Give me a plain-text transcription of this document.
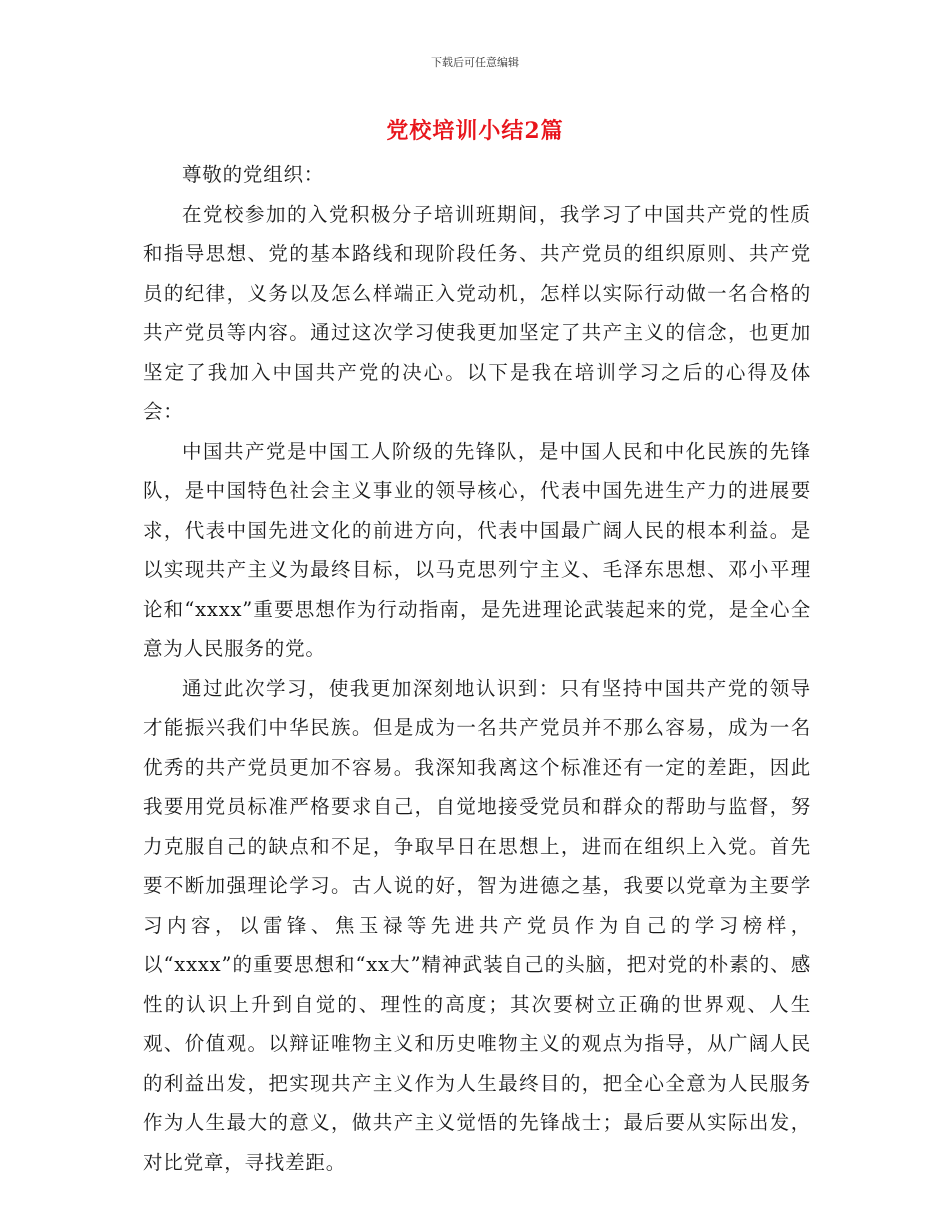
下载后可任意编辑
党校培训小结2篇

尊敬的党组织：

在党校参加的入党积极分子培训班期间，我学习了中国共产党的性质和指导思想、党的基本路线和现阶段任务、共产党员的组织原则、共产党员的纪律，义务以及怎么样端正入党动机，怎样以实际行动做一名合格的共产党员等内容。通过这次学习使我更加坚定了共产主义的信念，也更加坚定了我加入中国共产党的决心。以下是我在培训学习之后的心得及体会：

中国共产党是中国工人阶级的先锋队，是中国人民和中化民族的先锋队，是中国特色社会主义事业的领导核心，代表中国先进生产力的进展要求，代表中国先进文化的前进方向，代表中国最广阔人民的根本利益。是以实现共产主义为最终目标，以马克思列宁主义、毛泽东思想、邓小平理论和“xxxx”重要思想作为行动指南，是先进理论武装起来的党，是全心全意为人民服务的党。

通过此次学习，使我更加深刻地认识到：只有坚持中国共产党的领导才能振兴我们中华民族。但是成为一名共产党员并不那么容易，成为一名优秀的共产党员更加不容易。我深知我离这个标准还有一定的差距，因此我要用党员标准严格要求自己，自觉地接受党员和群众的帮助与监督，努力克服自己的缺点和不足，争取早日在思想上，进而在组织上入党。首先要不断加强理论学习。古人说的好，智为进德之基，我要以党章为主要学习内容，以雷锋、焦玉禄等先进共产党员作为自己的学习榜样，以“xxxx”的重要思想和“xx大”精神武装自己的头脑，把对党的朴素的、感性的认识上升到自觉的、理性的高度；其次要树立正确的世界观、人生观、价值观。以辩证唯物主义和历史唯物主义的观点为指导，从广阔人民的利益出发，把实现共产主义作为人生最终目的，把全心全意为人民服务作为人生最大的意义，做共产主义觉悟的先锋战士；最后要从实际出发，对比党章，寻找差距。
